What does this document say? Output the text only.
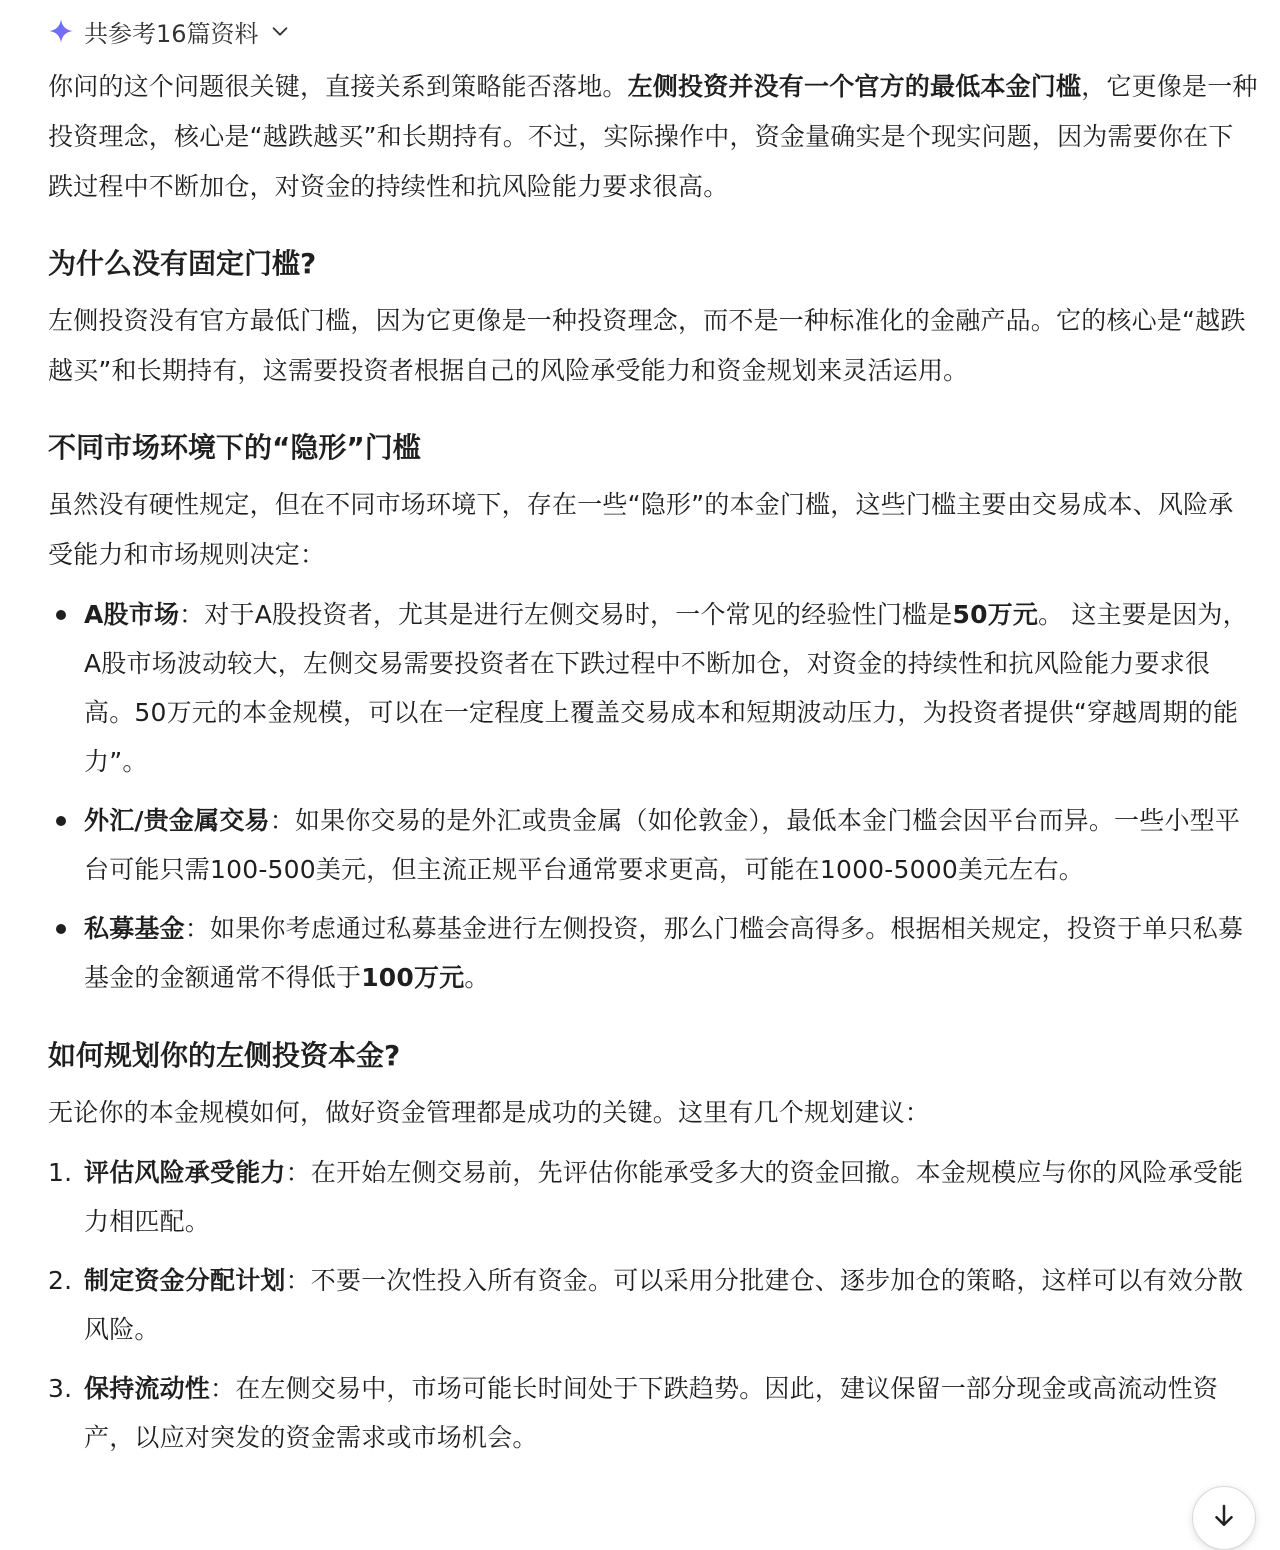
共参考16篇资料

你问的这个问题很关键，直接关系到策略能否落地。左侧投资并没有一个官方的最低本金门槛，它更像是一种投资理念，核心是“越跌越买”和长期持有。不过，实际操作中，资金量确实是个现实问题，因为需要你在下跌过程中不断加仓，对资金的持续性和抗风险能力要求很高。

为什么没有固定门槛?

左侧投资没有官方最低门槛，因为它更像是一种投资理念，而不是一种标准化的金融产品。它的核心是“越跌越买”和长期持有，这需要投资者根据自己的风险承受能力和资金规划来灵活运用。

不同市场环境下的“隐形”门槛

虽然没有硬性规定，但在不同市场环境下，存在一些“隐形”的本金门槛，这些门槛主要由交易成本、风险承受能力和市场规则决定：

A股市场：对于A股投资者，尤其是进行左侧交易时，一个常见的经验性门槛是50万元。 这主要是因为，A股市场波动较大，左侧交易需要投资者在下跌过程中不断加仓，对资金的持续性和抗风险能力要求很高。50万元的本金规模，可以在一定程度上覆盖交易成本和短期波动压力，为投资者提供“穿越周期的能力”。
外汇/贵金属交易：如果你交易的是外汇或贵金属（如伦敦金），最低本金门槛会因平台而异。一些小型平台可能只需100-500美元，但主流正规平台通常要求更高，可能在1000-5000美元左右。
私募基金：如果你考虑通过私募基金进行左侧投资，那么门槛会高得多。根据相关规定，投资于单只私募基金的金额通常不得低于100万元。
如何规划你的左侧投资本金?

无论你的本金规模如何，做好资金管理都是成功的关键。这里有几个规划建议：

1. 评估风险承受能力：在开始左侧交易前，先评估你能承受多大的资金回撤。本金规模应与你的风险承受能力相匹配。
2. 制定资金分配计划：不要一次性投入所有资金。可以采用分批建仓、逐步加仓的策略，这样可以有效分散风险。
3. 保持流动性：在左侧交易中，市场可能长时间处于下跌趋势。因此，建议保留一部分现金或高流动性资产，以应对突发的资金需求或市场机会。
